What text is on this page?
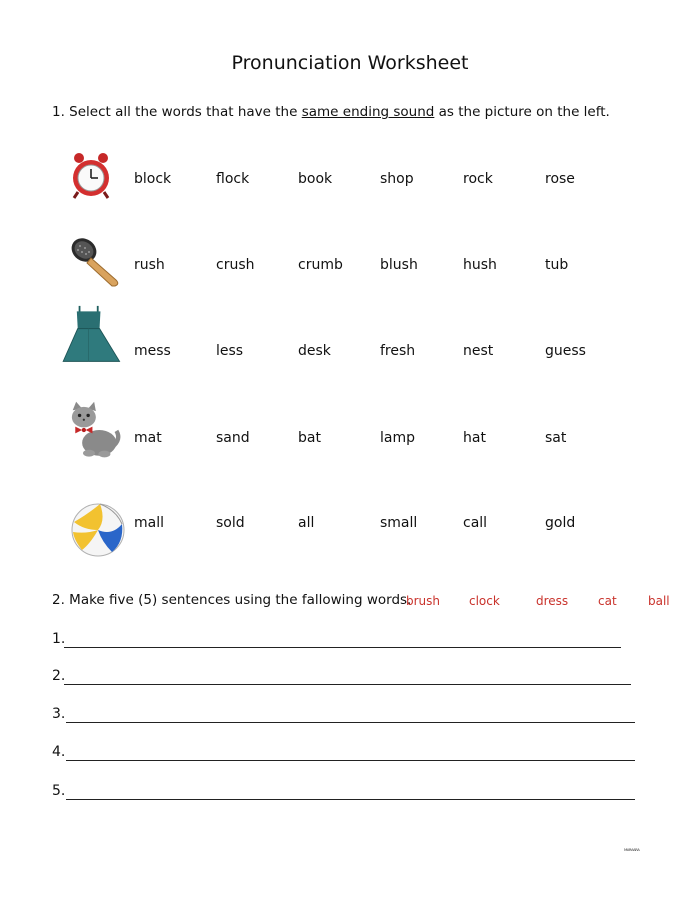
Pronunciation Worksheet
1. Select all the words that have the same ending sound as the picture on the left.
block	flock	book	shop	rock	rose
rush	crush	crumb	blush	hush	tub
mess	less	desk	fresh	nest	guess
mat	sand	bat	lamp	hat	sat
mall	sold	all	small	call	gold
2. Make five (5) sentences using the fallowing words.
brush clock	dress cat	ball
1.
2.
3.
4.
5.
ᴹᴬᴿᴬᴬᴿᴬ
